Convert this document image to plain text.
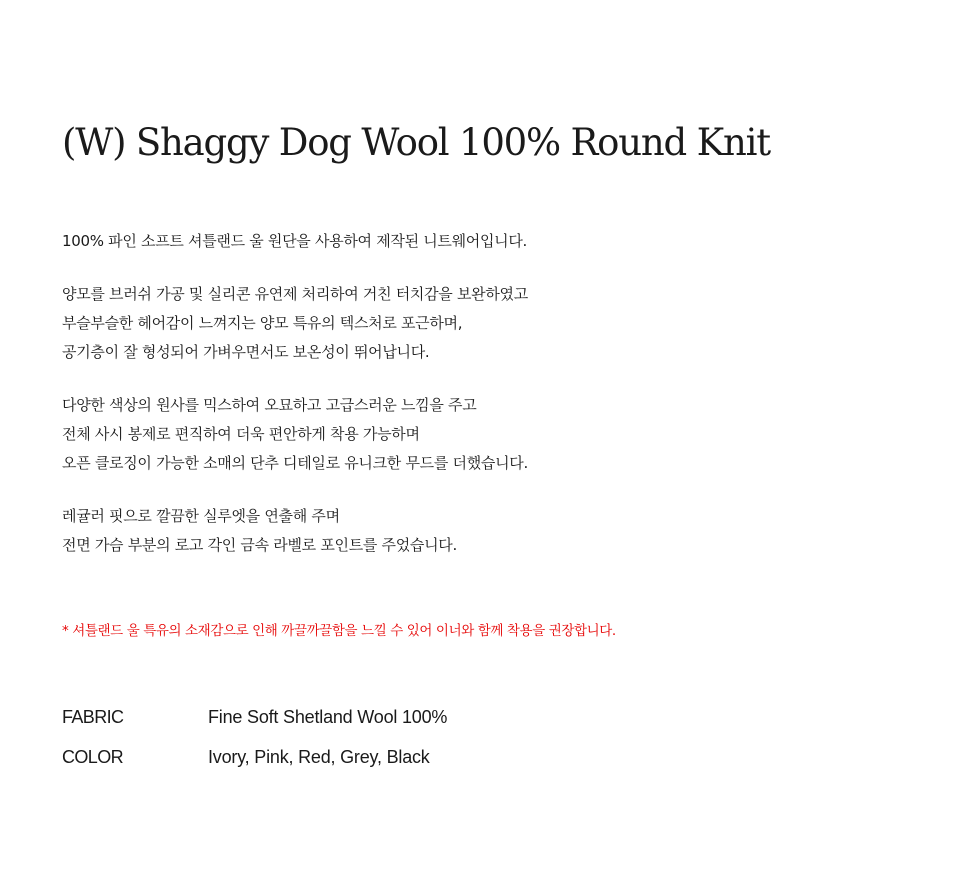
(W) Shaggy Dog Wool 100% Round Knit

100% 파인 소프트 셔틀랜드 울 원단을 사용하여 제작된 니트웨어입니다.

양모를 브러쉬 가공 및 실리콘 유연제 처리하여 거친 터치감을 보완하였고
부슬부슬한 헤어감이 느껴지는 양모 특유의 텍스처로 포근하며,
공기층이 잘 형성되어 가벼우면서도 보온성이 뛰어납니다.

다양한 색상의 원사를 믹스하여 오묘하고 고급스러운 느낌을 주고
전체 사시 봉제로 편직하여 더욱 편안하게 착용 가능하며
오픈 클로징이 가능한 소매의 단추 디테일로 유니크한 무드를 더했습니다.

레귤러 핏으로 깔끔한 실루엣을 연출해 주며
전면 가슴 부분의 로고 각인 금속 라벨로 포인트를 주었습니다.

* 셔틀랜드 울 특유의 소재감으로 인해 까끌까끌함을 느낄 수 있어 이너와 함께 착용을 권장합니다.

FABRIC	Fine Soft Shetland Wool 100%
COLOR	Ivory, Pink, Red, Grey, Black
